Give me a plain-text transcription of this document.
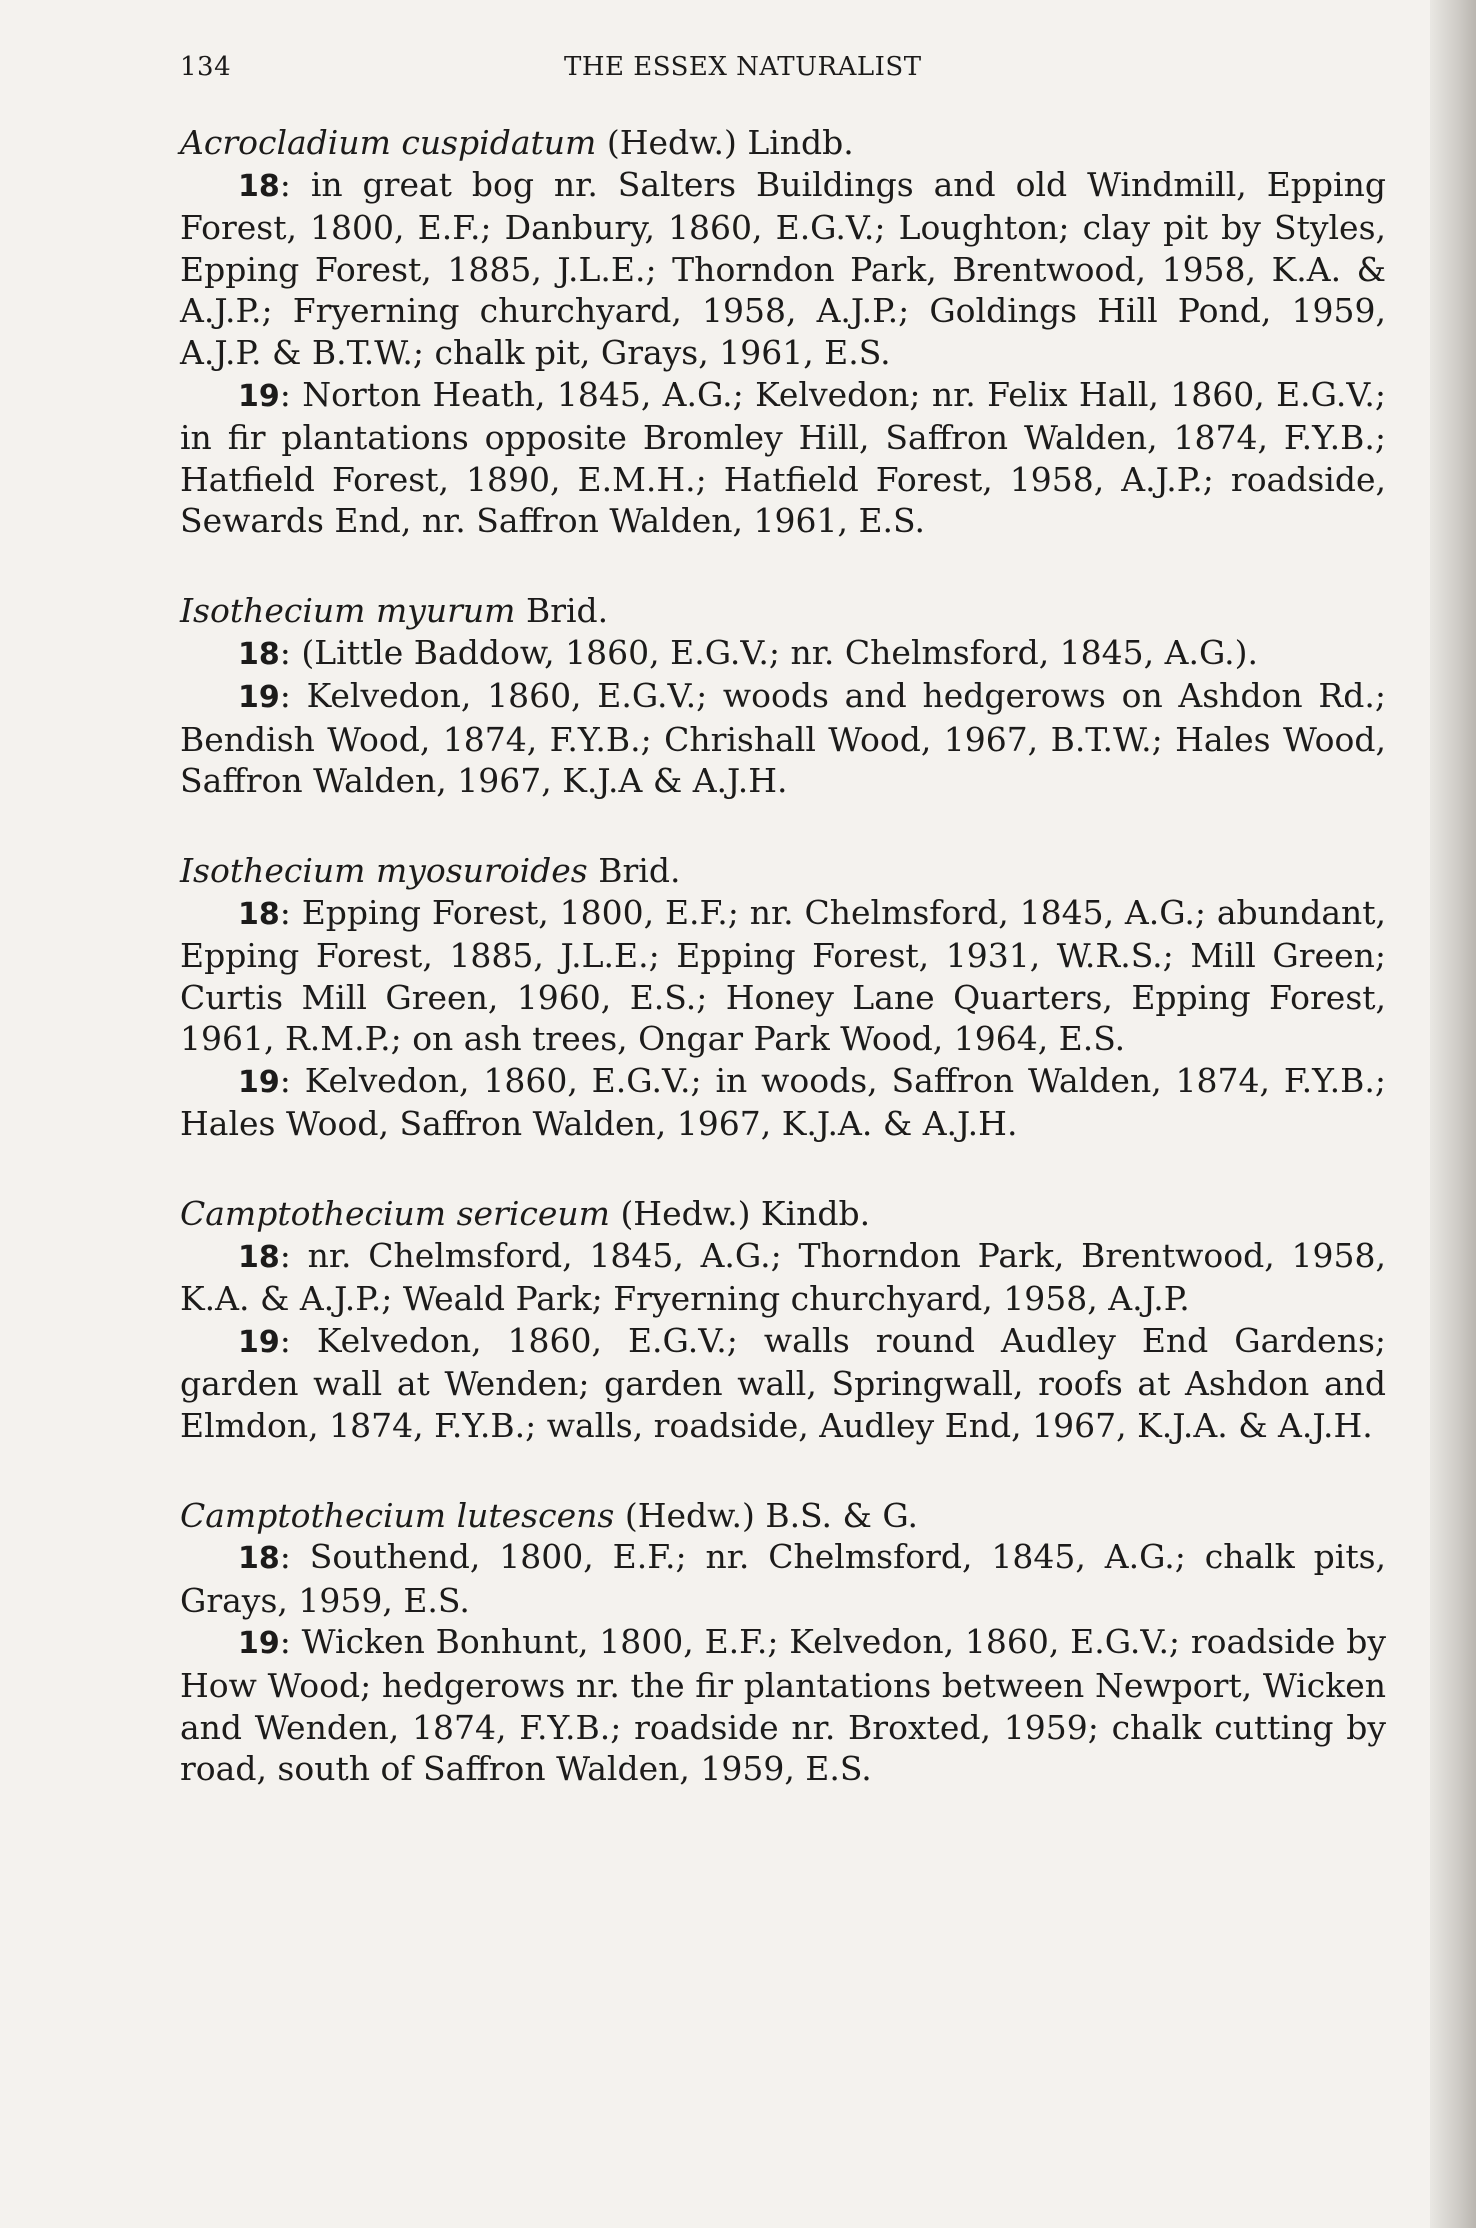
134	THE ESSEX NATURALIST

Acrocladium cuspidatum (Hedw.) Lindb.

18: in great bog nr. Salters Buildings and old Windmill, Epping Forest, 1800, E.F.; Danbury, 1860, E.G.V.; Loughton; clay pit by Styles, Epping Forest, 1885, J.L.E.; Thorndon Park, Brentwood, 1958, K.A. & A.J.P.; Fryerning churchyard, 1958, A.J.P.; Goldings Hill Pond, 1959, A.J.P. & B.T.W.; chalk pit, Grays, 1961, E.S.

19: Norton Heath, 1845, A.G.; Kelvedon; nr. Felix Hall, 1860, E.G.V.; in fir plantations opposite Bromley Hill, Saffron Walden, 1874, F.Y.B.; Hatfield Forest, 1890, E.M.H.; Hatfield Forest, 1958, A.J.P.; roadside, Sewards End, nr. Saffron Walden, 1961, E.S.

Isothecium myurum Brid.

18: (Little Baddow, 1860, E.G.V.; nr. Chelmsford, 1845, A.G.).

19: Kelvedon, 1860, E.G.V.; woods and hedgerows on Ashdon Rd.; Bendish Wood, 1874, F.Y.B.; Chrishall Wood, 1967, B.T.W.; Hales Wood, Saffron Walden, 1967, K.J.A & A.J.H.

Isothecium myosuroides Brid.

18: Epping Forest, 1800, E.F.; nr. Chelmsford, 1845, A.G.; abundant, Epping Forest, 1885, J.L.E.; Epping Forest, 1931, W.R.S.; Mill Green; Curtis Mill Green, 1960, E.S.; Honey Lane Quarters, Epping Forest, 1961, R.M.P.; on ash trees, Ongar Park Wood, 1964, E.S.

19: Kelvedon, 1860, E.G.V.; in woods, Saffron Walden, 1874, F.Y.B.; Hales Wood, Saffron Walden, 1967, K.J.A. & A.J.H.

Camptothecium sericeum (Hedw.) Kindb.

18: nr. Chelmsford, 1845, A.G.; Thorndon Park, Brentwood, 1958, K.A. & A.J.P.; Weald Park; Fryerning churchyard, 1958, A.J.P.

19: Kelvedon, 1860, E.G.V.; walls round Audley End Gardens; garden wall at Wenden; garden wall, Springwall, roofs at Ashdon and Elmdon, 1874, F.Y.B.; walls, roadside, Audley End, 1967, K.J.A. & A.J.H.

Camptothecium lutescens (Hedw.) B.S. & G.

18: Southend, 1800, E.F.; nr. Chelmsford, 1845, A.G.; chalk pits, Grays, 1959, E.S.

19: Wicken Bonhunt, 1800, E.F.; Kelvedon, 1860, E.G.V.; roadside by How Wood; hedgerows nr. the fir plantations between Newport, Wicken and Wenden, 1874, F.Y.B.; roadside nr. Broxted, 1959; chalk cutting by road, south of Saffron Walden, 1959, E.S.
